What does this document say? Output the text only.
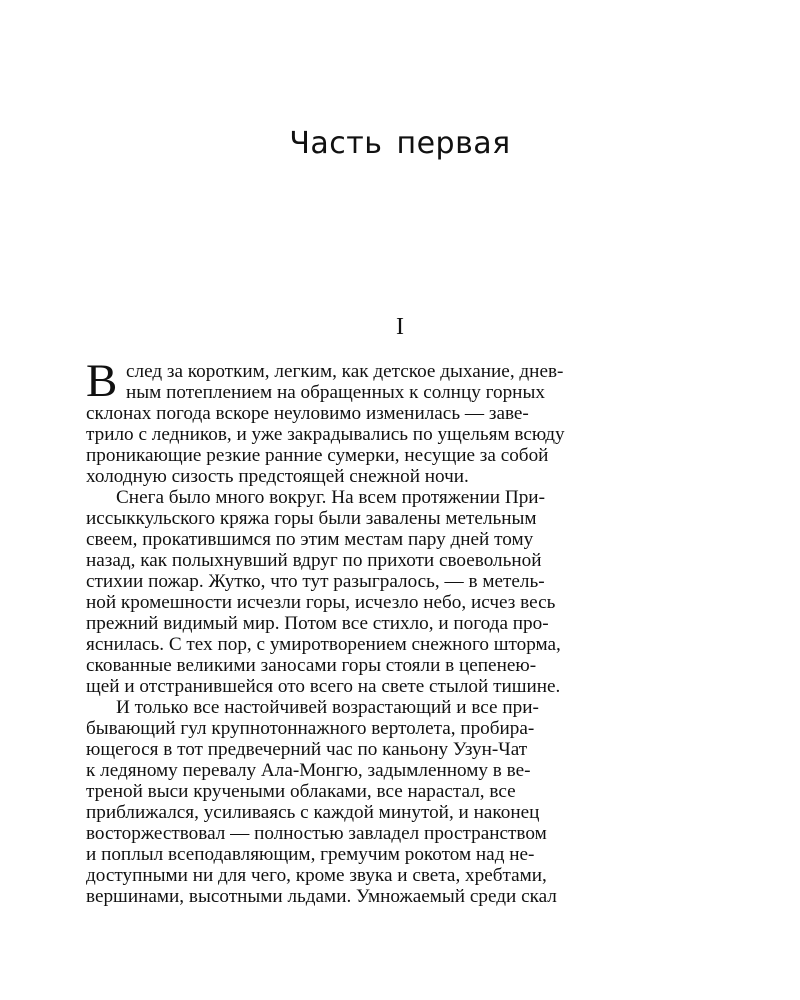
Часть первая
I
В след за коротким, легким, как детское дыхание, днев-
ным потеплением на обращенных к солнцу горных
склонах погода вскоре неуловимо изменилась — заве-
трило с ледников, и уже закрадывались по ущельям всюду
проникающие резкие ранние сумерки, несущие за собой
холодную сизость предстоящей снежной ночи.
Снега было много вокруг. На всем протяжении При-
иссыккульского кряжа горы были завалены метельным
свеем, прокатившимся по этим местам пару дней тому
назад, как полыхнувший вдруг по прихоти своевольной
стихии пожар. Жутко, что тут разыгралось, — в метель-
ной кромешности исчезли горы, исчезло небо, исчез весь
прежний видимый мир. Потом все стихло, и погода про-
яснилась. С тех пор, с умиротворением снежного шторма,
скованные великими заносами горы стояли в цепенею-
щей и отстранившейся ото всего на свете стылой тишине.
И только все настойчивей возрастающий и все при-
бывающий гул крупнотоннажного вертолета, пробира-
ющегося в тот предвечерний час по каньону Узун-Чат
к ледяному перевалу Ала-Монгю, задымленному в ве-
треной выси кручеными облаками, все нарастал, все
приближался, усиливаясь с каждой минутой, и наконец
восторжествовал — полностью завладел пространством
и поплыл всеподавляющим, гремучим рокотом над не-
доступными ни для чего, кроме звука и света, хребтами,
вершинами, высотными льдами. Умножаемый среди скал
